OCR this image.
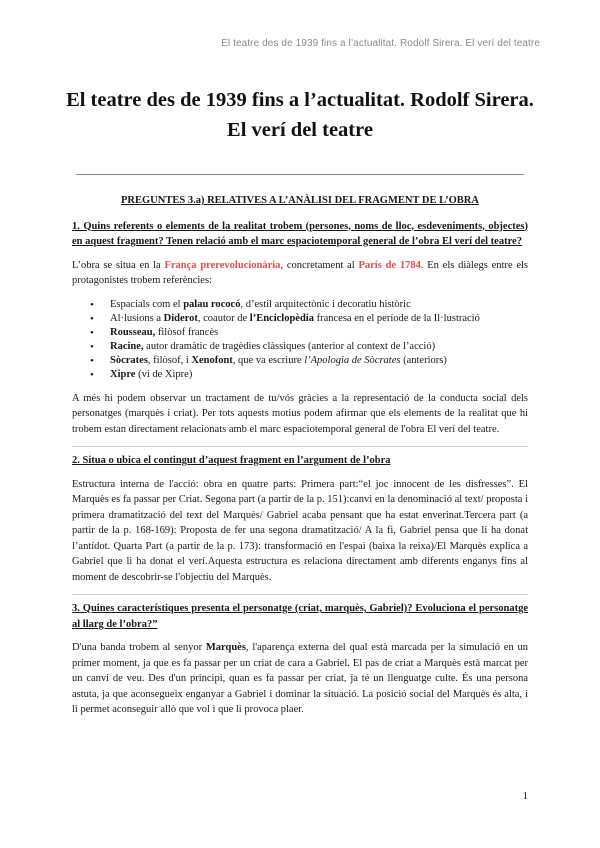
El teatre des de 1939 fins a l’actualitat. Rodolf Sirera. El verí del teatre
El teatre des de 1939 fins a l’actualitat. Rodolf Sirera.
El verí del teatre
PREGUNTES 3.a) RELATIVES A L’ANÀLISI DEL FRAGMENT DE L’OBRA
1. Quins referents o elements de la realitat trobem (persones, noms de lloc, esdeveniments, objectes) en aquest fragment? Tenen relació amb el marc espaciotemporal general de l’obra El verí del teatre?

L’obra se situa en la França prerevolucionària, concretament al París de 1784. En els diàlegs entre els protagonistes trobem referències:

• Espacials com el palau rococó, d’estil arquitectònic i decoratiu històric
• Al·lusions a Diderot, coautor de l’Enciclopèdia francesa en el període de la Il·lustració
• Rousseau, filòsof francès
• Racine, autor dramàtic de tragèdies clàssiques (anterior al context de l’acció)
• Sòcrates, filòsof, i Xenofont, que va escriure l’Apologia de Sòcrates (anteriors)
• Xipre (vi de Xipre)

A més hi podem observar un tractament de tu/vós gràcies a la representació de la conducta social dels personatges (marquès i criat). Per tots aquests motius podem afirmar que els elements de la realitat que hi trobem estan directament relacionats amb el marc espaciotemporal general de l'obra El verí del teatre.

2. Situa o ubica el contingut d’aquest fragment en l’argument de l’obra

Estructura interna de l'acció: obra en quatre parts: Primera part:“el joc innocent de les disfresses”. El Marquès es fa passar per Criat. Segona part (a partir de la p. 151):canvi en la denominació al text/ proposta i primera dramatització del text del Marquès/ Gabriel acaba pensant que ha estat enverinat.Tercera part (a partir de la p. 168-169): Proposta de fer una segona dramatització/ A la fi, Gabriel pensa que li ha donat l’antídot. Quarta Part (a partir de la p. 173): transformació en l'espai (baixa la reixa)/El Marquès explica a Gabriel que li ha donat el verí.Aquesta estructura es relaciona directament amb diferents enganys fins al moment de descobrir-se l'objectiu del Marquès.

3. Quines característiques presenta el personatge (criat, marquès, Gabriel)? Evoluciona el personatge al llarg de l’obra?”

D'una banda trobem al senyor Marquès, l'aparença externa del qual està marcada per la simulació en un primer moment, ja que es fa passar per un criat de cara a Gabriel. El pas de criat a Marquès està marcat per un canvi de veu. Des d'un principi, quan es fa passar per criat, ja té un llenguatge culte. És una persona astuta, ja que aconsegueix enganyar a Gabriel i dominar la situació. La posició social del Marquès és alta, i li permet aconseguir allò que vol i que li provoca plaer.

1
